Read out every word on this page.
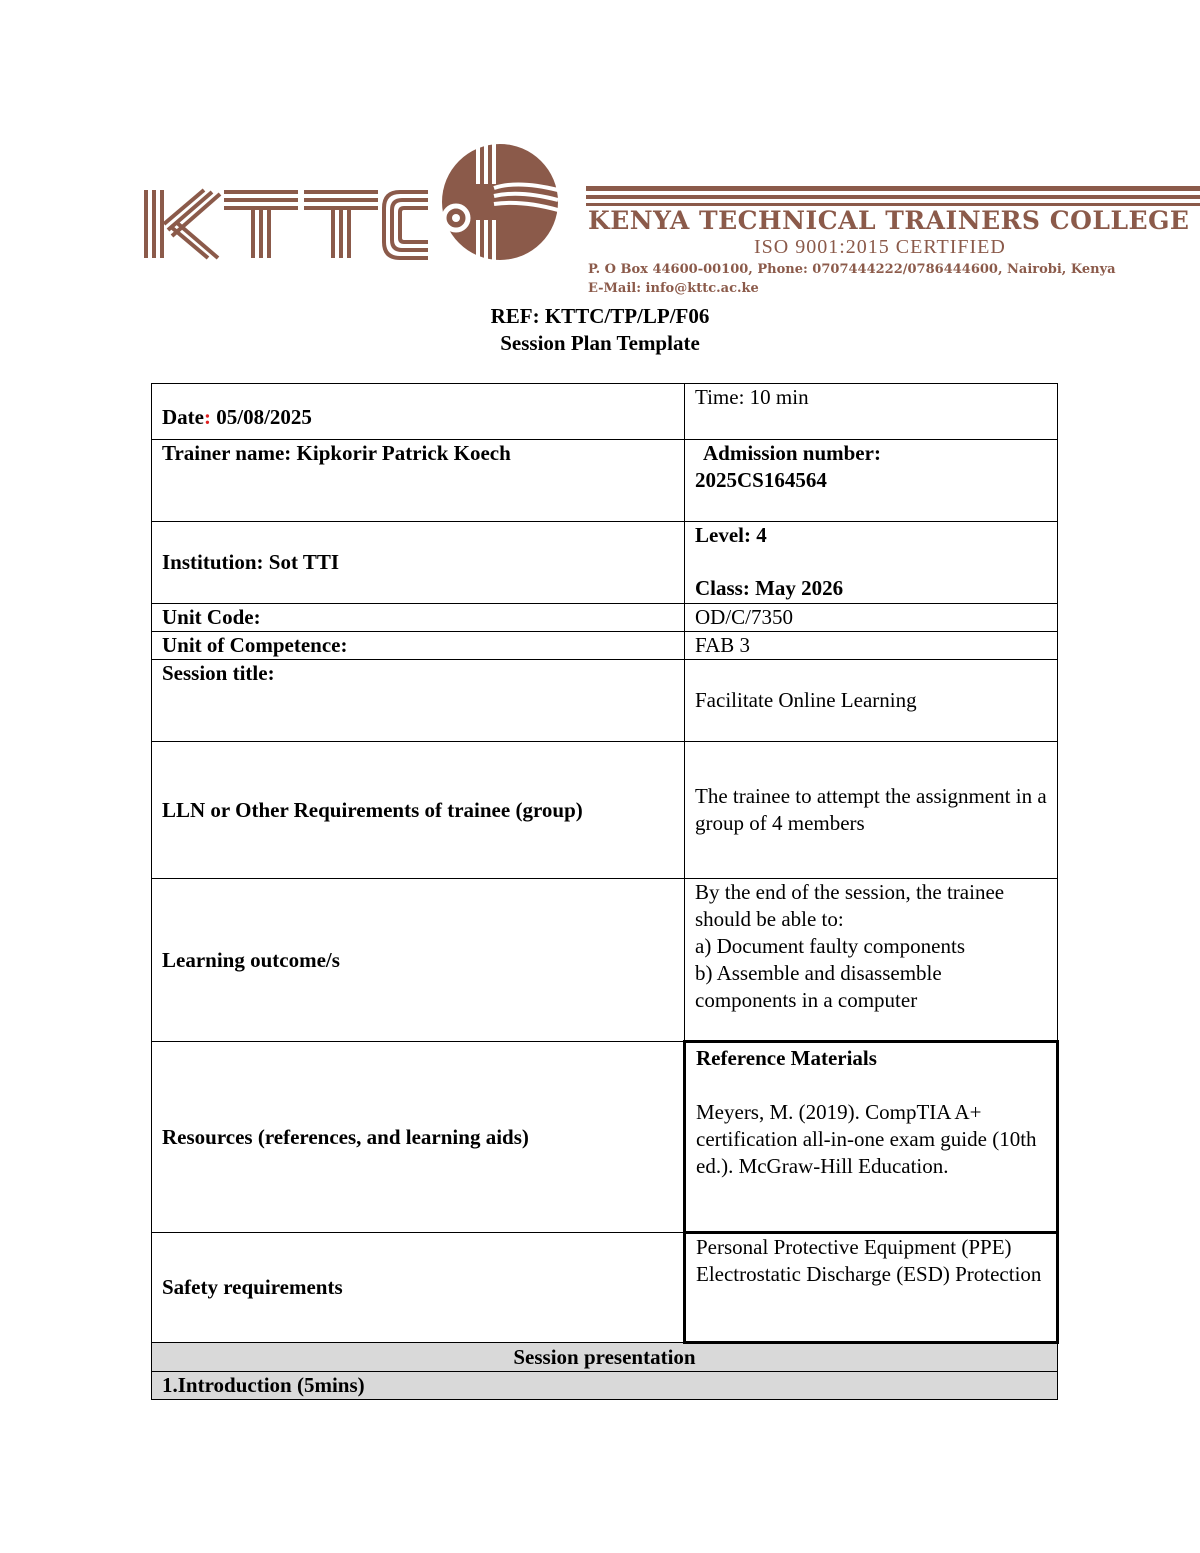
KENYA TECHNICAL TRAINERS COLLEGE
ISO 9001:2015 CERTIFIED
P. O Box 44600-00100, Phone: 0707444222/0786444600, Nairobi, Kenya
E-Mail: info@kttc.ac.ke
REF: KTTC/TP/LP/F06
Session Plan Template
Date: 05/08/2025	Time: 10 min
Trainer name: Kipkorir Patrick Koech	Admission number:
2025CS164564

Institution: Sot TTI	Level: 4
Class: May 2026

Unit Code:	OD/C/7350
Unit of Competence:	FAB 3
Session title:	Facilitate Online Learning
LLN or Other Requirements of trainee (group)	The trainee to attempt the assignment in a group of 4 members
Learning outcome/s	By the end of the session, the trainee should be able to:
a) Document faulty components
b) Assemble and disassemble components in a computer

Resources (references, and learning aids)	Reference Materials
Meyers, M. (2019). CompTIA A+ certification all-in-one exam guide (10th ed.). McGraw-Hill Education.

Safety requirements	Personal Protective Equipment (PPE)
Electrostatic Discharge (ESD) Protection

Session presentation	
1.Introduction (5mins)	
